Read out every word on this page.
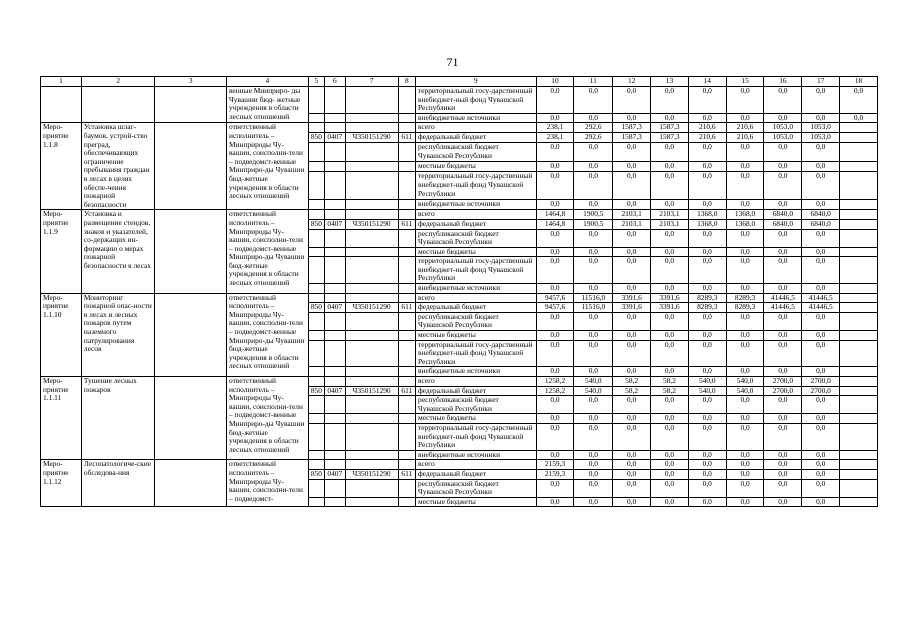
71
1	2	3	4	5	6	7	8	9	10	11	12	13	14	15	16	17	18
			венные Минприро- ды Чувашии бюд- жетные учреждения в области лесных отношений					территориальный госу-дарственный внебюджет-ный фонд Чувашской Республики	0,0	0,0	0,0	0,0	0,0	0,0	0,0	0,0	0,0
								внебюджетные источники	0,0	0,0	0,0	0,0	0,0	0,0	0,0	0,0	0,0
Меро-приятие 1.1.8	Установка шлаг-баумов, устрой-ство преград, обеспечивающих ограничение пребывания граждан в лесах в целях обеспе-чения пожарной безопасности		ответственный исполнитель – Минприроды Чу-вашии, соисполни-тели – подведомст-венные Минприро-ды Чувашии бюд-жетные учреждения в области лесных отношений					всего	238,1	292,6	1587,3	1587,3	210,6	210,6	1053,0	1053,0	
				850	0407	Ч350151290	611	федеральный бюджет	238,1	292,6	1587,3	1587,3	210,6	210,6	1053,0	1053,0	
								республиканский бюджет Чувашской Республики	0,0	0,0	0,0	0,0	0,0	0,0	0,0	0,0	
								местные бюджеты	0,0	0,0	0,0	0,0	0,0	0,0	0,0	0,0	
								территориальный госу-дарственный внебюджет-ный фонд Чувашской Республики	0,0	0,0	0,0	0,0	0,0	0,0	0,0	0,0	
								внебюджетные источники	0,0	0,0	0,0	0,0	0,0	0,0	0,0	0,0	
Меро-приятие 1.1.9	Установка и размещение стендов, знаков и указателей, со-держащих ин-формацию о мерах пожарной безопасности в лесах		ответственный исполнитель – Минприроды Чу-вашии, соисполни-тели – подведомст-венные Минприро-ды Чувашии бюд-жетные учреждения в области лесных отношений					всего	1464,8	1900,5	2103,1	2103,1	1368,0	1368,0	6840,0	6840,0	
				850	0407	Ч350151290	611	федеральный бюджет	1464,8	1900,5	2103,1	2103,1	1368,0	1368,0	6840,0	6840,0	
								республиканский бюджет Чувашской Республики	0,0	0,0	0,0	0,0	0,0	0,0	0,0	0,0	
								местные бюджеты	0,0	0,0	0,0	0,0	0,0	0,0	0,0	0,0	
								территориальный госу-дарственный внебюджет-ный фонд Чувашской Республики	0,0	0,0	0,0	0,0	0,0	0,0	0,0	0,0	
								внебюджетные источники	0,0	0,0	0,0	0,0	0,0	0,0	0,0	0,0	
Меро-приятие 1.1.10	Мониторинг пожарной опас-ности в лесах и лесных пожаров путем наземного патрулирования лесов		ответственный исполнитель – Минприроды Чу-вашии, соисполни-тели – подведомст-венные Минприро-ды Чувашии бюд-жетные учреждения в области лесных отношений					всего	9457,6	11516,0	3391,6	3391,6	8289,3	8289,3	41446,5	41446,5	
				850	0407	Ч350151290	611	федеральный бюджет	9457,6	11516,0	3391,6	3391,6	8289,3	8289,3	41446,5	41446,5	
								республиканский бюджет Чувашской Республики	0,0	0,0	0,0	0,0	0,0	0,0	0,0	0,0	
								местные бюджеты	0,0	0,0	0,0	0,0	0,0	0,0	0,0	0,0	
								территориальный госу-дарственный внебюджет-ный фонд Чувашской Республики	0,0	0,0	0,0	0,0	0,0	0,0	0,0	0,0	
								внебюджетные источники	0,0	0,0	0,0	0,0	0,0	0,0	0,0	0,0	
Меро-приятие 1.1.11	Тушение лесных пожаров		ответственный исполнитель – Минприроды Чу-вашии, соисполни-тели – подведомст-венные Минприро-ды Чувашии бюд-жетные учреждения в области лесных отношений					всего	1258,2	540,0	58,2	58,2	540,0	540,0	2700,0	2700,0	
				850	0407	Ч350151290	611	федеральный бюджет	1258,2	540,0	58,2	58,2	540,0	540,0	2700,0	2700,0	
								республиканский бюджет Чувашской Республики	0,0	0,0	0,0	0,0	0,0	0,0	0,0	0,0	
								местные бюджеты	0,0	0,0	0,0	0,0	0,0	0,0	0,0	0,0	
								территориальный госу-дарственный внебюджет-ный фонд Чувашской Республики	0,0	0,0	0,0	0,0	0,0	0,0	0,0	0,0	
								внебюджетные источники	0,0	0,0	0,0	0,0	0,0	0,0	0,0	0,0	
Меро-приятие 1.1.12	Лесопатологиче-ские обследова-ния		ответственный исполнитель – Минприроды Чу-вашии, соисполни-тели – подведомст-					всего	2159,3	0,0	0,0	0,0	0,0	0,0	0,0	0,0	
				850	0407	Ч350151290	611	федеральный бюджет	2159,3	0,0	0,0	0,0	0,0	0,0	0,0	0,0	
								республиканский бюджет Чувашской Республики	0,0	0,0	0,0	0,0	0,0	0,0	0,0	0,0	
								местные бюджеты	0,0	0,0	0,0	0,0	0,0	0,0	0,0	0,0	
